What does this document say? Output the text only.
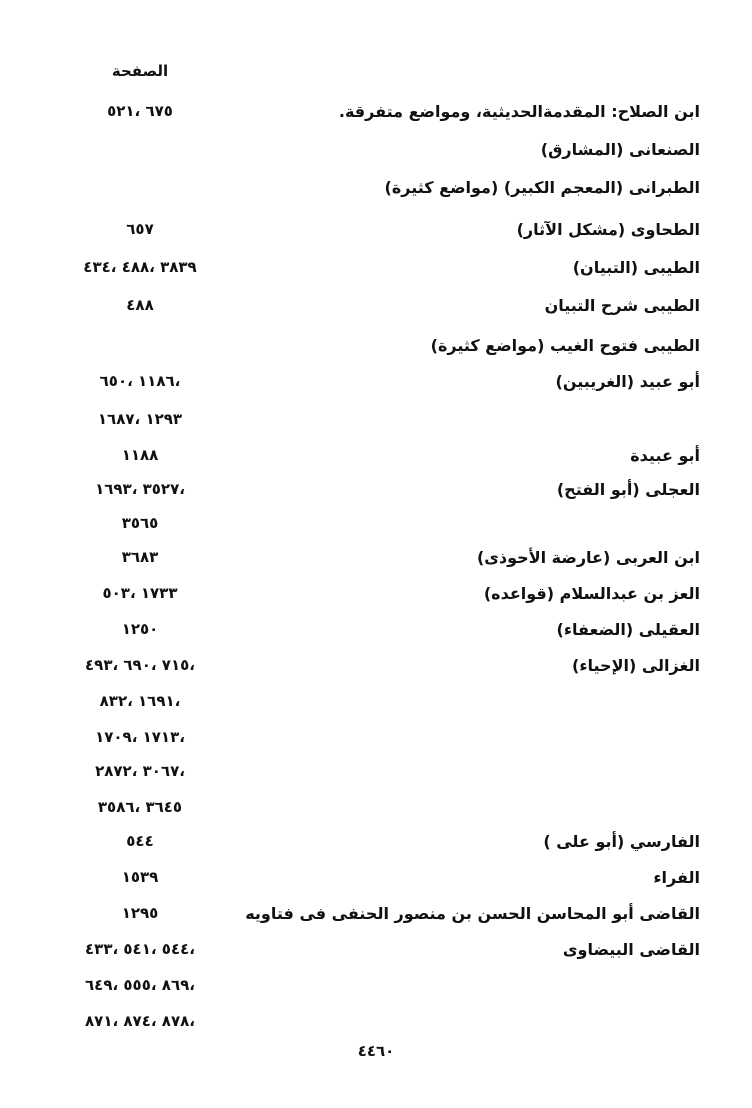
الصفحة
ابن الصلاح: المقدمةالحديثية، ومواضع متفرقة.
٦٧٥ ،٥٢١
الصنعانى (المشارق)
الطبرانى (المعجم الكبير) (مواضع كثيرة)
الطحاوى (مشكل الآثار)
٦٥٧
الطيبى (التبيان)
٣٨٣٩ ،٤٨٨ ،٤٣٤
الطيبى شرح التبيان
٤٨٨
الطيبى فتوح الغيب (مواضع كثيرة)
أبو عبيد (الغريبين)
،١١٨٦ ،٦٥٠
١٢٩٣ ،١٦٨٧
أبو عبيدة
١١٨٨
العجلى (أبو الفتح)
،٣٥٢٧ ،١٦٩٣
٣٥٦٥
ابن العربى (عارضة الأحوذى)
٣٦٨٣
العز بن عبدالسلام (قواعده)
١٧٣٣ ،٥٠٣
العقيلى (الضعفاء)
١٢٥٠
الغزالى (الإحياء)
،٧١٥ ،٦٩٠ ،٤٩٣
،١٦٩١ ،٨٣٢
،١٧١٣ ،١٧٠٩
،٣٠٦٧ ،٢٨٧٢
٣٦٤٥ ،٣٥٨٦
الفارسي (أبو على )
٥٤٤
الفراء
١٥٣٩
القاضى أبو المحاسن الحسن بن منصور الحنفى فى فتاويه
١٢٩٥
القاضى البيضاوى
،٥٤٤ ،٥٤١ ،٤٣٣
،٨٦٩ ،٥٥٥ ،٦٤٩
،٨٧٨ ،٨٧٤ ،٨٧١
٤٤٦٠
